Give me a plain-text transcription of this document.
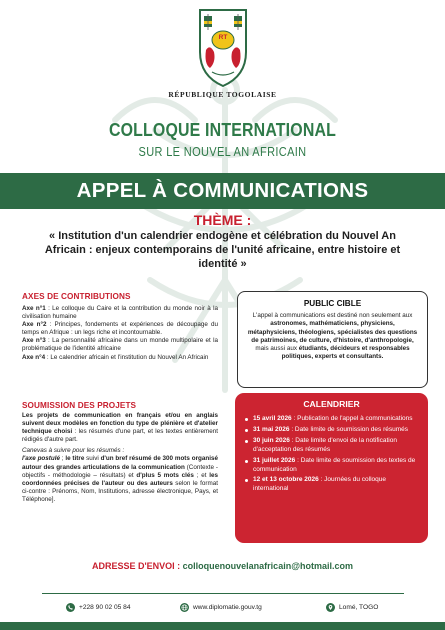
RT
RÉPUBLIQUE TOGOLAISE
COLLOQUE INTERNATIONAL
SUR LE NOUVEL AN AFRICAIN
APPEL À COMMUNICATIONS
THÈME :
« Institution d'un calendrier endogène et célébration du Nouvel An Africain : enjeux contemporains de l'unité africaine, entre histoire et identité »
AXES DE CONTRIBUTIONS

Axe n°1 : Le colloque du Caire et la contribution du monde noir à la civilisation humaine

Axe n°2 : Principes, fondements et expériences de découpage du temps en Afrique : un legs riche et incontournable.

Axe n°3 : La personnalité africaine dans un monde multipolaire et la problématique de l'identité africaine

Axe n°4 : Le calendrier africain et l'institution du Nouvel An Africain

SOUMISSION DES PROJETS

Les projets de communication en français et/ou en anglais suivent deux modèles en fonction du type de plénière et d'atelier technique choisi : les résumés d'une part, et les textes entièrement rédigés d'autre part.

Canevas à suivre pour les résumés :

l'axe postulé ; le titre suivi d'un bref résumé de 300 mots organisé autour des grandes articulations de la communication (Contexte - objectifs - méthodologie – résultats) et d'plus 5 mots clés ; et les coordonnées précises de l'auteur ou des auteurs selon le format ci-contre : Prénoms, Nom, Institutions, adresse électronique, Pays, et Téléphone].

PUBLIC CIBLE
L'appel à communications est destiné non seulement aux astronomes, mathématiciens, physiciens, métaphysiciens, théologiens, spécialistes des questions de patrimoines, de culture, d'histoire, d'anthropologie, mais aussi aux étudiants, décideurs et responsables politiques, experts et consultants.
CALENDRIER
15 avril 2026 : Publication de l'appel à communications
31 mai 2026 : Date limite de soumission des résumés
30 juin 2026 : Date limite d'envoi de la notification d'acceptation des résumés
31 juillet 2026 : Date limite de soumission des textes de communication
12 et 13 octobre 2026 : Journées du colloque international
ADRESSE D'ENVOI : colloquenouvelanafricain@hotmail.com
+228 90 02 05 84	www.diplomatie.gouv.tg	Lomé, TOGO
